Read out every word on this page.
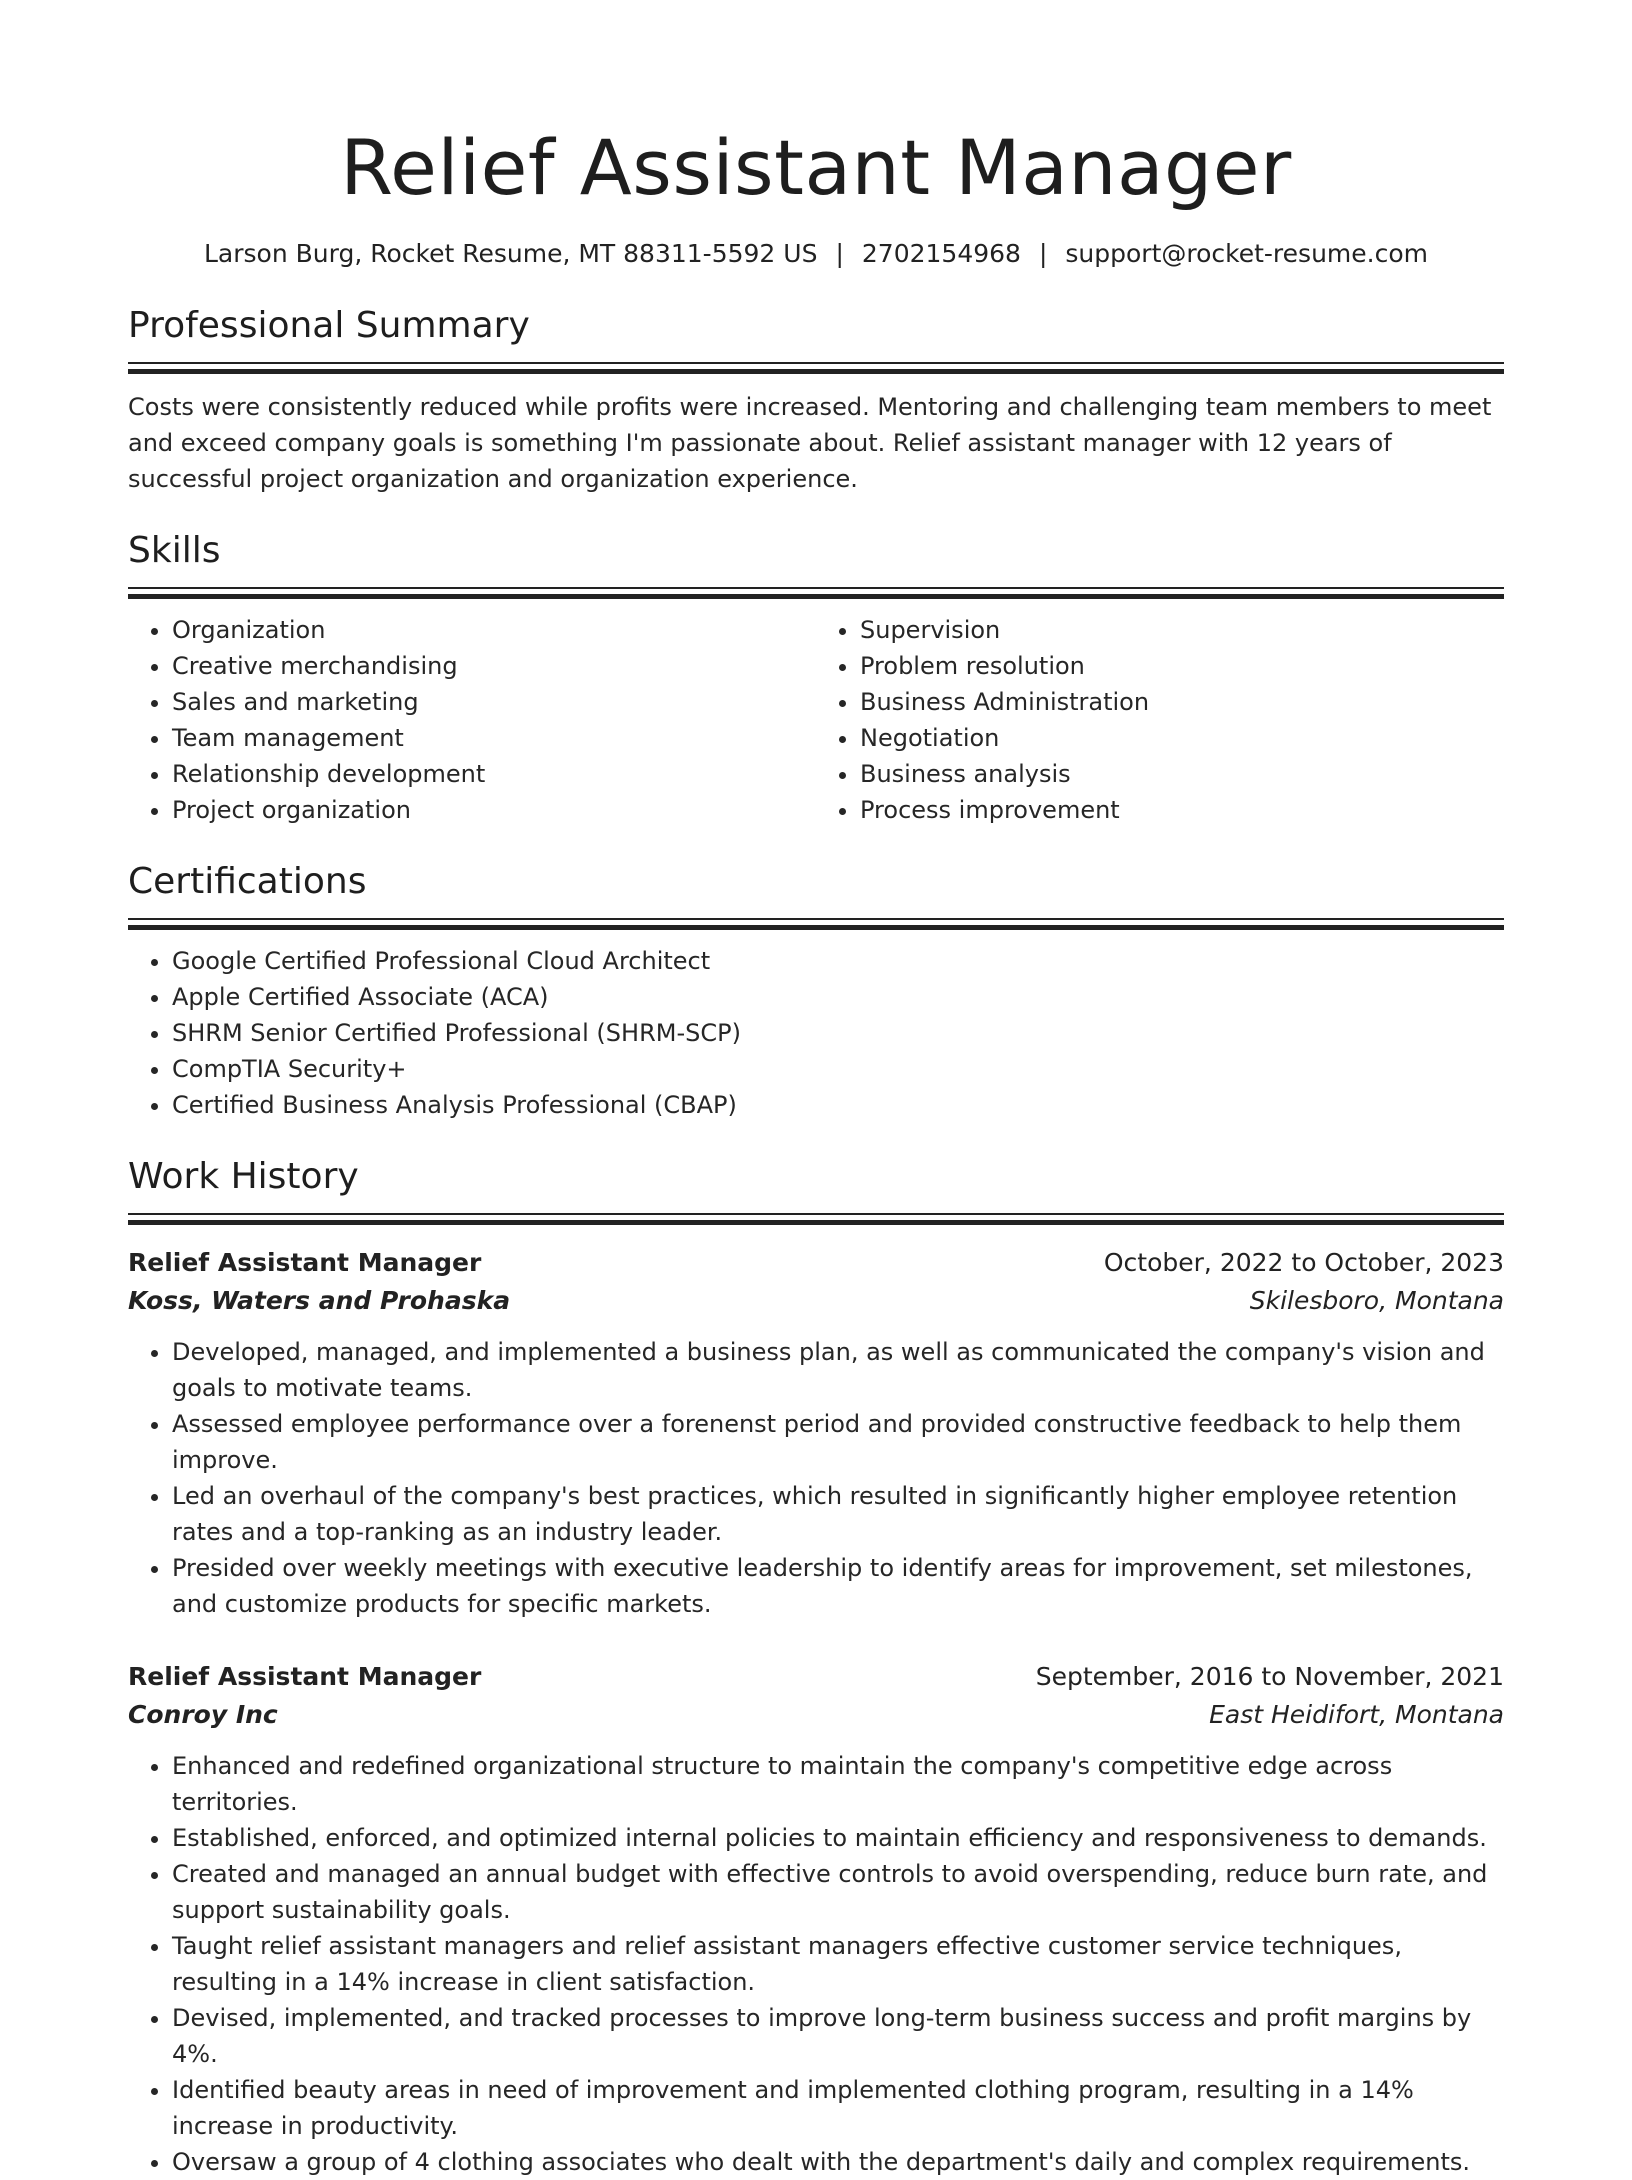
Relief Assistant Manager
Larson Burg, Rocket Resume, MT 88311-5592 US | 2702154968 | support@rocket-resume.com
Professional Summary

Costs were consistently reduced while profits were increased. Mentoring and challenging team members to meet and exceed company goals is something I'm passionate about. Relief assistant manager with 12 years of successful project organization and organization experience.

Skills
• Organization
• Creative merchandising
• Sales and marketing
• Team management
• Relationship development
• Project organization
• Supervision
• Problem resolution
• Business Administration
• Negotiation
• Business analysis
• Process improvement
Certifications
• Google Certified Professional Cloud Architect
• Apple Certified Associate (ACA)
• SHRM Senior Certified Professional (SHRM-SCP)
• CompTIA Security+
• Certified Business Analysis Professional (CBAP)
Work History
Relief Assistant Manager	October, 2022 to October, 2023
Koss, Waters and Prohaska	Skilesboro, Montana
• Developed, managed, and implemented a business plan, as well as communicated the company's vision and goals to motivate teams.
• Assessed employee performance over a forenenst period and provided constructive feedback to help them improve.
• Led an overhaul of the company's best practices, which resulted in significantly higher employee retention rates and a top-ranking as an industry leader.
• Presided over weekly meetings with executive leadership to identify areas for improvement, set milestones, and customize products for specific markets.
Relief Assistant Manager	September, 2016 to November, 2021
Conroy Inc	East Heidifort, Montana
• Enhanced and redefined organizational structure to maintain the company's competitive edge across territories.
• Established, enforced, and optimized internal policies to maintain efficiency and responsiveness to demands.
• Created and managed an annual budget with effective controls to avoid overspending, reduce burn rate, and support sustainability goals.
• Taught relief assistant managers and relief assistant managers effective customer service techniques, resulting in a 14% increase in client satisfaction.
• Devised, implemented, and tracked processes to improve long-term business success and profit margins by 4%.
• Identified beauty areas in need of improvement and implemented clothing program, resulting in a 14% increase in productivity.
• Oversaw a group of 4 clothing associates who dealt with the department's daily and complex requirements.
